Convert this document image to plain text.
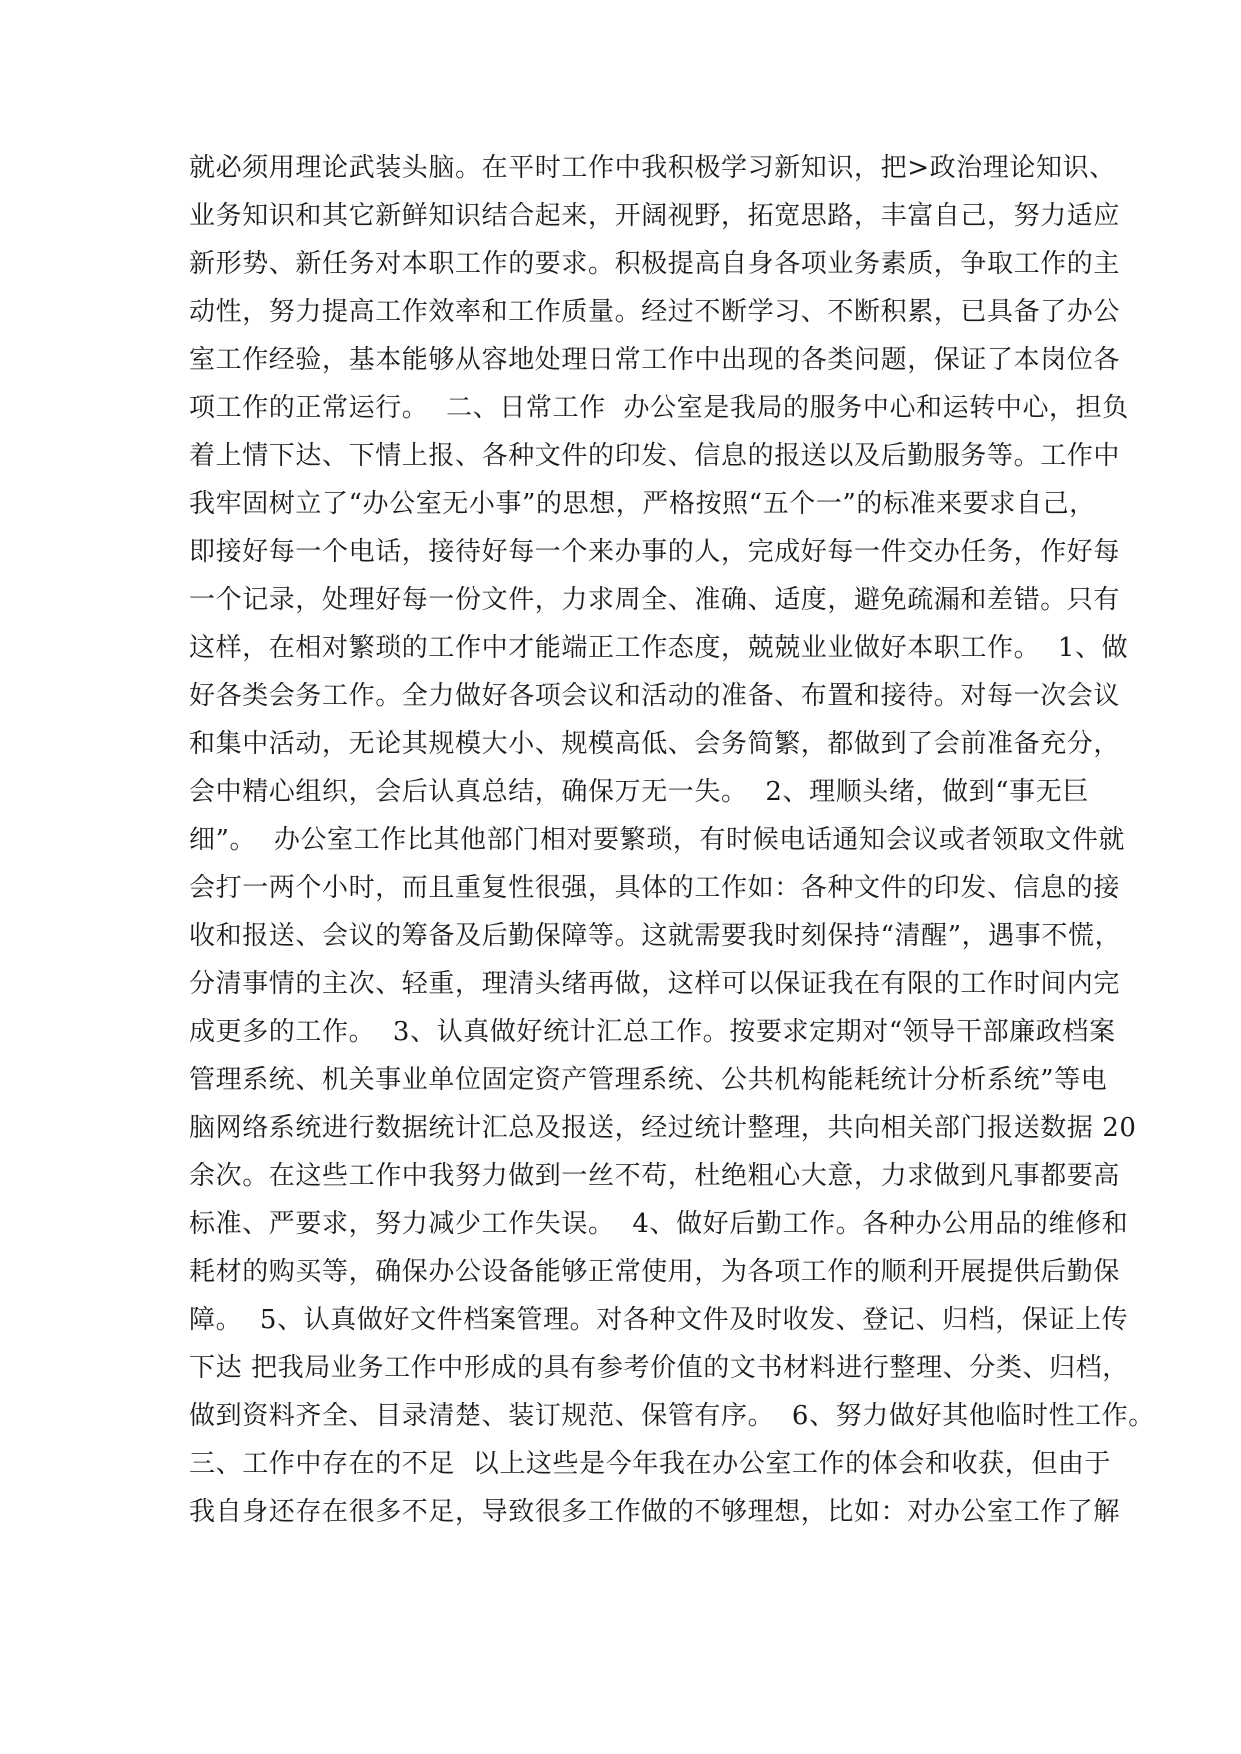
就必须用理论武装头脑。在平时工作中我积极学习新知识，把>政治理论知识、
业务知识和其它新鲜知识结合起来，开阔视野，拓宽思路，丰富自己，努力适应
新形势、新任务对本职工作的要求。积极提高自身各项业务素质，争取工作的主
动性，努力提高工作效率和工作质量。经过不断学习、不断积累，已具备了办公
室工作经验，基本能够从容地处理日常工作中出现的各类问题，保证了本岗位各
项工作的正常运行。  二、日常工作  办公室是我局的服务中心和运转中心，担负
着上情下达、下情上报、各种文件的印发、信息的报送以及后勤服务等。工作中
我牢固树立了“办公室无小事”的思想，严格按照“五个一”的标准来要求自己，
即接好每一个电话，接待好每一个来办事的人，完成好每一件交办任务，作好每
一个记录，处理好每一份文件，力求周全、准确、适度，避免疏漏和差错。只有
这样，在相对繁琐的工作中才能端正工作态度，兢兢业业做好本职工作。  1、做
好各类会务工作。全力做好各项会议和活动的准备、布置和接待。对每一次会议
和集中活动，无论其规模大小、规模高低、会务简繁，都做到了会前准备充分，
会中精心组织，会后认真总结，确保万无一失。  2、理顺头绪，做到“事无巨
细”。  办公室工作比其他部门相对要繁琐，有时候电话通知会议或者领取文件就
会打一两个小时，而且重复性很强，具体的工作如：各种文件的印发、信息的接
收和报送、会议的筹备及后勤保障等。这就需要我时刻保持“清醒”，遇事不慌，
分清事情的主次、轻重，理清头绪再做，这样可以保证我在有限的工作时间内完
成更多的工作。  3、认真做好统计汇总工作。按要求定期对“领导干部廉政档案
管理系统、机关事业单位固定资产管理系统、公共机构能耗统计分析系统”等电
脑网络系统进行数据统计汇总及报送，经过统计整理，共向相关部门报送数据 20
余次。在这些工作中我努力做到一丝不苟，杜绝粗心大意，力求做到凡事都要高
标准、严要求，努力减少工作失误。  4、做好后勤工作。各种办公用品的维修和
耗材的购买等，确保办公设备能够正常使用，为各项工作的顺利开展提供后勤保
障。  5、认真做好文件档案管理。对各种文件及时收发、登记、归档，保证上传
下达 把我局业务工作中形成的具有参考价值的文书材料进行整理、分类、归档，
做到资料齐全、目录清楚、装订规范、保管有序。  6、努力做好其他临时性工作。
三、工作中存在的不足  以上这些是今年我在办公室工作的体会和收获，但由于
我自身还存在很多不足，导致很多工作做的不够理想，比如：对办公室工作了解
